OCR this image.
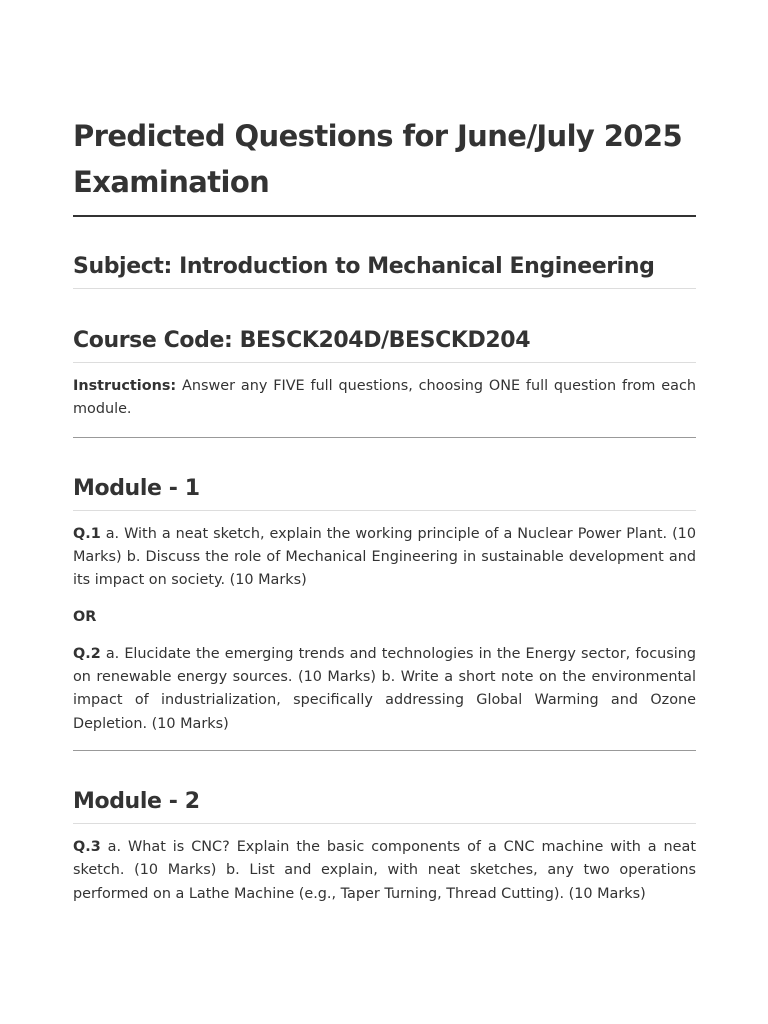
Predicted Questions for June/July 2025 Examination
Subject: Introduction to Mechanical Engineering
Course Code: BESCK204D/BESCKD204

Instructions: Answer any FIVE full questions, choosing ONE full question from each module.

Module - 1

Q.1 a. With a neat sketch, explain the working principle of a Nuclear Power Plant. (10 Marks) b. Discuss the role of Mechanical Engineering in sustainable development and its impact on society. (10 Marks)

OR

Q.2 a. Elucidate the emerging trends and technologies in the Energy sector, focusing on renewable energy sources. (10 Marks) b. Write a short note on the environmental impact of industrialization, specifically addressing Global Warming and Ozone Depletion. (10 Marks)

Module - 2

Q.3 a. What is CNC? Explain the basic components of a CNC machine with a neat sketch. (10 Marks) b. List and explain, with neat sketches, any two operations performed on a Lathe Machine (e.g., Taper Turning, Thread Cutting). (10 Marks)
